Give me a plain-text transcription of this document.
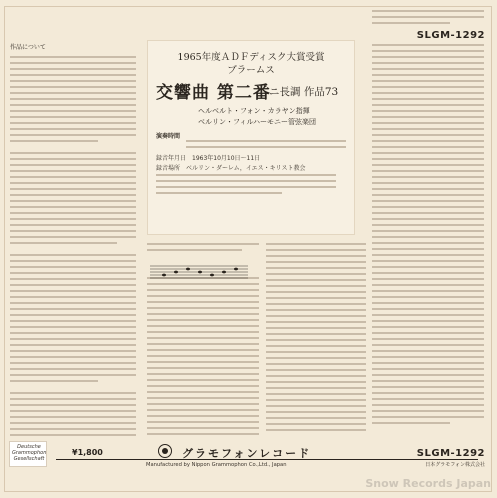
作品について
1965年度ＡＤＦディスク大賞受賞
ブラームス
交響曲 第二番
ニ長調 作品73
ヘルベルト・フォン・カラヤン指揮
ベルリン・フィルハーモニー管弦楽団
演奏時間
録音年月日　1963年10月10日〜11日
録音場所　ベルリン・ダーレム，イエス・キリスト教会
SLGM-1292
Deutsche Grammophon Gesellschaft
¥1,800	グラモフォンレコード	SLGM-1292
Manufactured by Nippon Grammophon Co.,Ltd., Japan	日本グラモフォン株式会社
Snow Records Japan
